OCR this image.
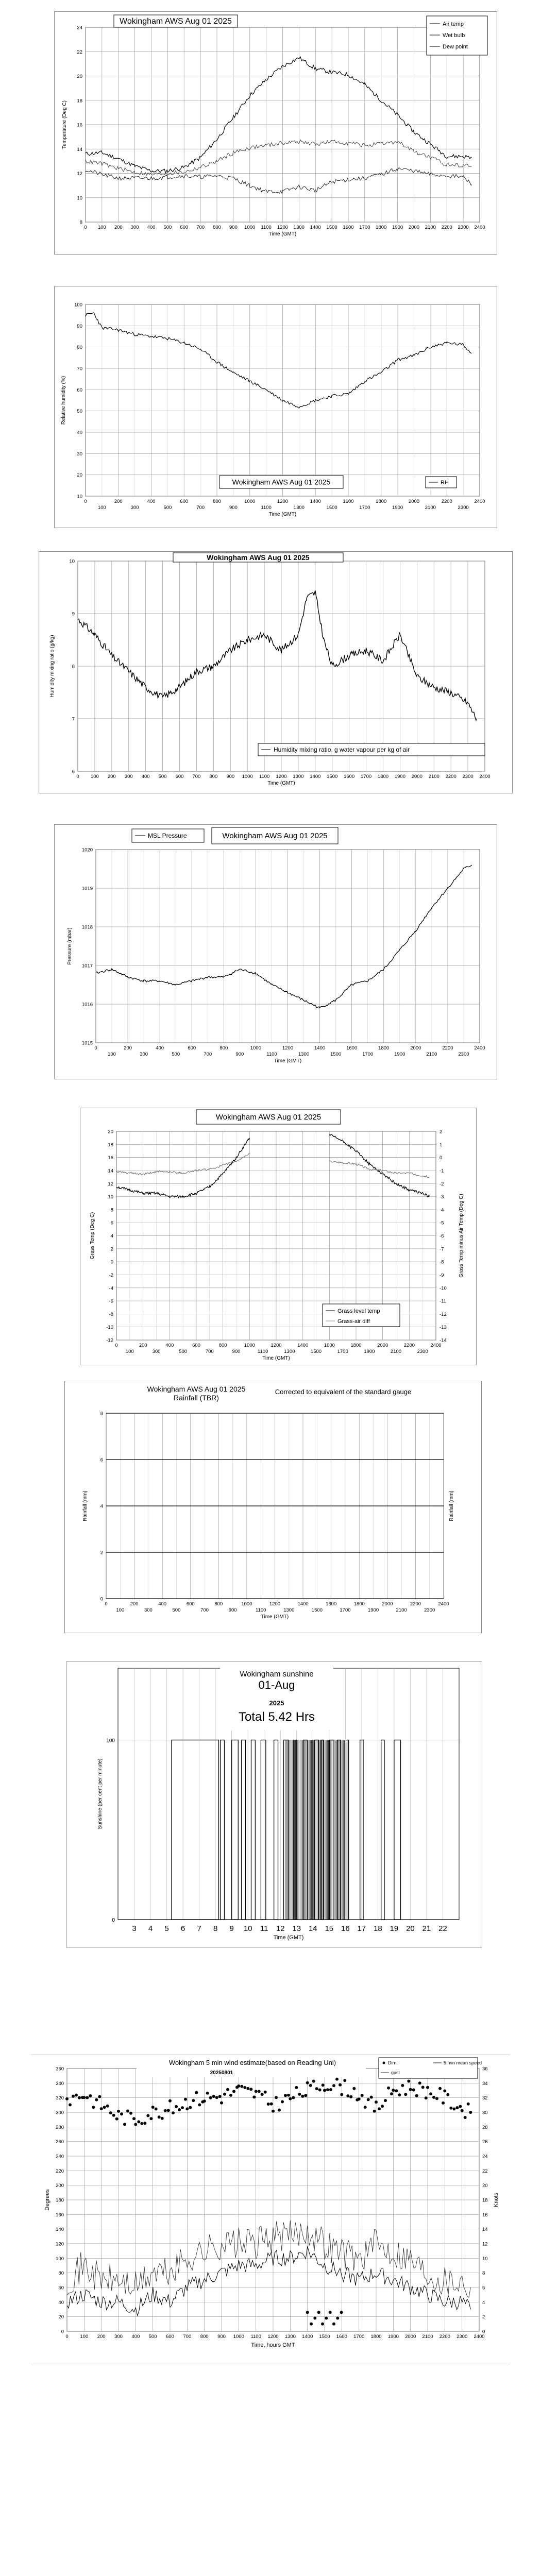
0 100 200 300 400 500 600 700 800 900 1000 1100 1200 1300 1400 1500 1600 1700 1800 1900 2000 2100 2200 2300 2400
8
10
12
14
16
18
20
22
24
Wokingham AWS Aug 01 2025
Time (GMT)
Temperature (Deg C)
Air temp
Wet bulb
Dew point
0	200	400	600	800	1000	1200	1400	1600	1800	2000	2200	2400
100	300	500	700	900	1100	1300	1500	1700	1900	2100	2300
10
20
30
40
50
60
70
80
90
100
Time (GMT)
Relative humidity (%)
Wokingham AWS Aug 01 2025	RH
0 100 200 300 400 500 600 700 800 900 1000 1100 1200 1300 1400 1500 1600 1700 1800 1900 2000 2100 2200 2300 2400
6
7
8
9
10	Wokingham AWS Aug 01 2025
Time (GMT)
Humidity mixing ratio (g/kg)
Humidity mixing ratio, g water vapour per kg of air
0	200	400	600	800	1000	1200	1400	1600	1800	2000	2200	2400
100	300	500	700	900	1100	1300	1500	1700	1900	2100	2300
1015
1016
1017
1018
1019
1020
Wokingham AWS Aug 01 2025
MSL Pressure
Time (GMT)
Pressure (mbar)
0	200	400	600	800	1000	1200	1400	1600	1800	2000	2200	2400
100	300	500	700	900	1100	1300	1500	1700	1900	2100	2300
20
18
16
14
12
10
8
6
4
2
0
-2
-4
-6
-8
-10
-12
2
1
0
-1
-2
-3
-4
-5
-6
-7
-8
-9
-10
-11
-12
-13
-14
Wokingham AWS Aug 01 2025
Time (GMT)
Grass Temp (Deg C)	Grass Temp minus Air Temp (Deg C)
Grass level temp
Grass-air diff
0	200	400	600	800	1000	1200	1400	1600	1800	2000	2200	2400
100	300	500	700	900	1100	1300	1500	1700	1900	2100	2300
0
2
4
6
8
Wokingham AWS Aug 01 2025
Rainfall (TBR)
Corrected to equivalent of the standard gauge
Time (GMT)
Rainfall (mm)	Rainfall (mm)
3 4 5 6 7 8 9 10 11 12 13 14 15 16 17 18 19 20 21 22
0
100
Wokingham sunshine
01-Aug
2025
Total 5.42 Hrs
Time (GMT)
Sunshine (per cent per minute)
0 100 200 300 400 500 600 700 800 900 1000 1100 1200 1300 1400 1500 1600 1700 1800 1900 2000 2100 2200 2300 2400
0
20
40
60
80
100
120
140
160
180
200
220
240
260
280
300
320
340
360
0
2
4
6
8
10
12
14
16
18
20
22
24
26
28
30
32
34
36
Wokingham 5 min wind estimate(based on Reading Uni)
20250801
Dirn	5 min mean speed
gust
Time, hours GMT
Degrees	Knots
